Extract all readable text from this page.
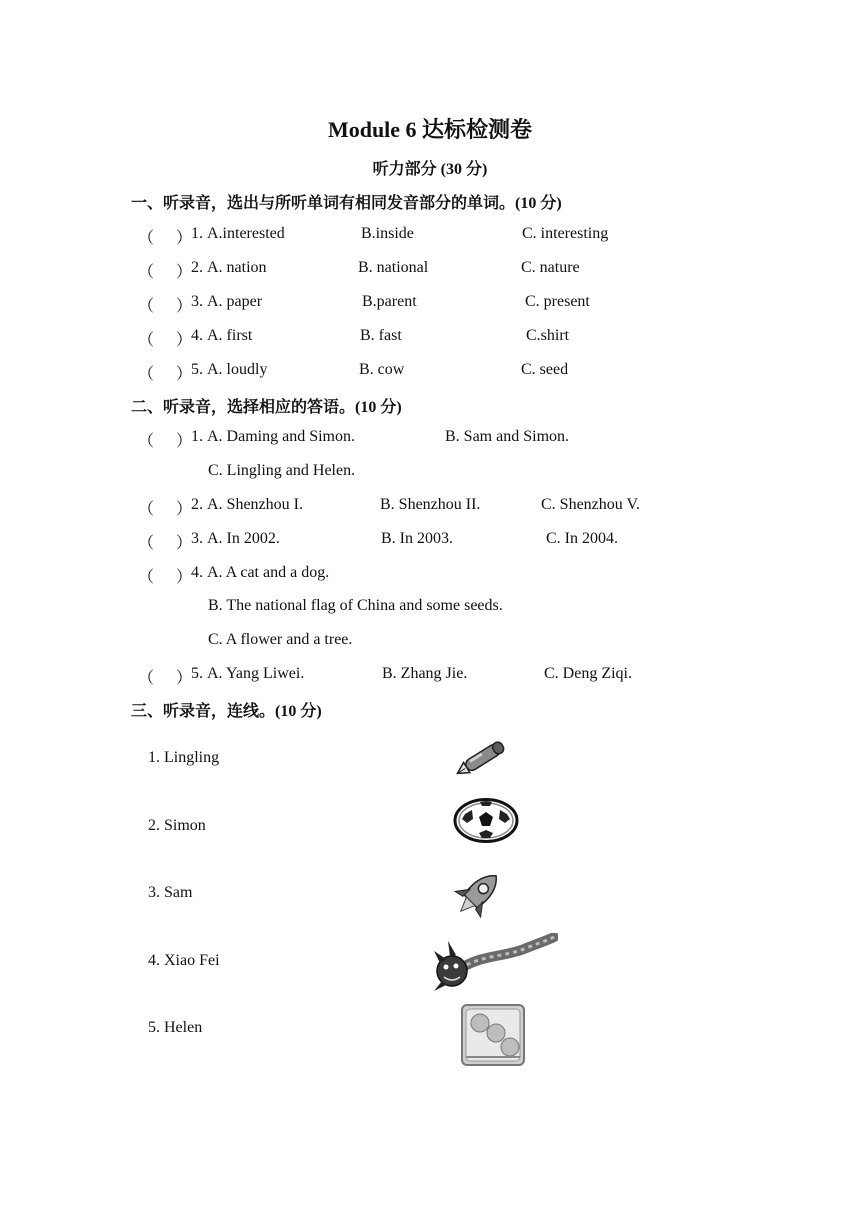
Module 6 达标检测卷
听力部分 (30 分)
一、听录音，选出与所听单词有相同发音部分的单词。(10 分)
（ ）
1. A.interested	B.inside	C. interesting
（ ）
2. A. nation	B. national	C. nature
（ ）
3. A. paper	B.parent	C. present
（ ）
4. A. first	B. fast	C.shirt
（ ）
5. A. loudly	B. cow	C. seed
二、听录音，选择相应的答语。(10 分)
（ ）
1. A. Daming and Simon.	B. Sam and Simon.
C. Lingling and Helen.
（ ）
2. A. Shenzhou I.	B. Shenzhou II.	C. Shenzhou V.
（ ）
3. A. In 2002.	B. In 2003.	C. In 2004.
（ ）
4. A. A cat and a dog.
B. The national flag of China and some seeds.
C. A flower and a tree.
（ ）
5. A. Yang Liwei.	B. Zhang Jie.	C. Deng Ziqi.
三、听录音，连线。(10 分)
1. Lingling
2. Simon
3. Sam
4. Xiao Fei
5. Helen
